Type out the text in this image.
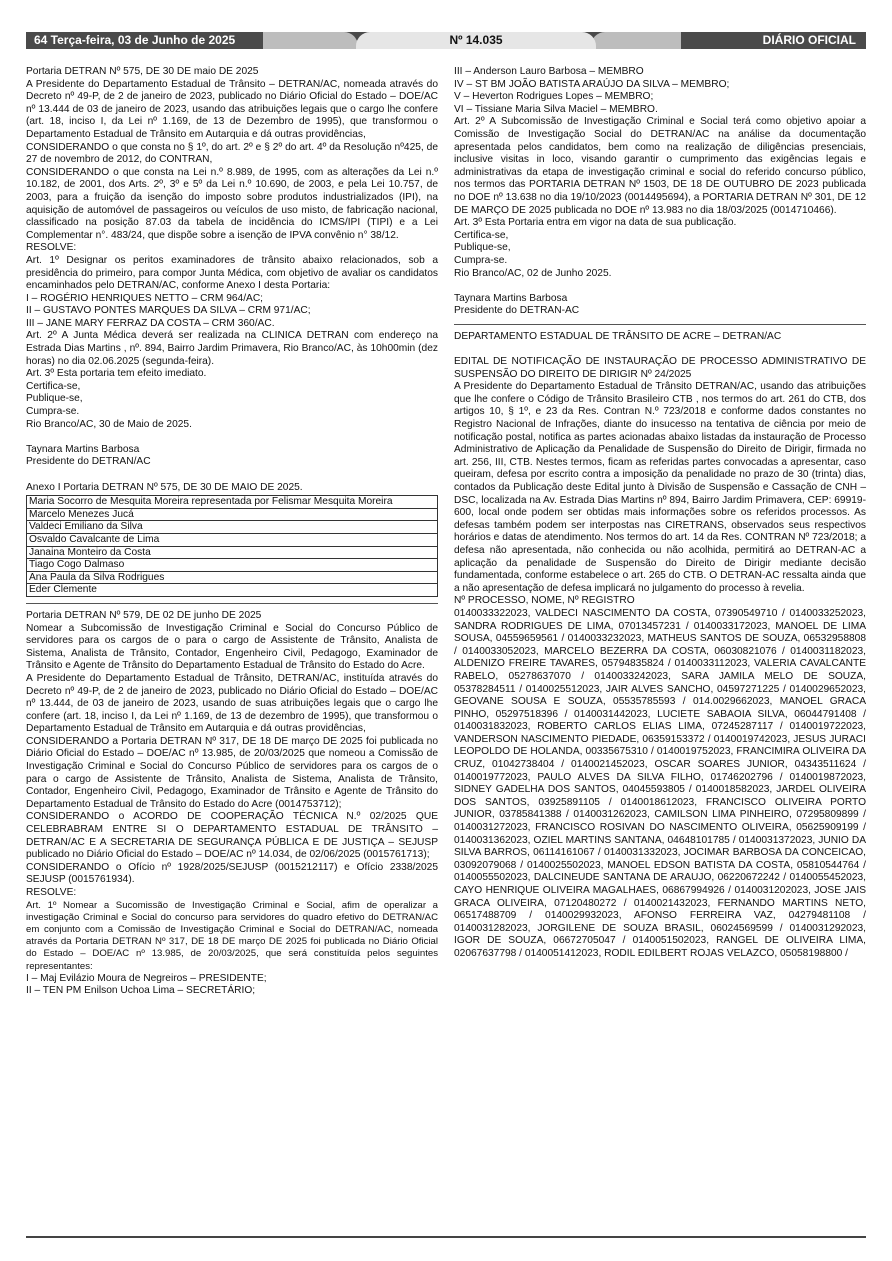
64 Terça-feira, 03 de Junho de 2025	Nº 14.035	DIÁRIO OFICIAL

Portaria DETRAN Nº 575, DE 30 DE maio DE 2025

A Presidente do Departamento Estadual de Trânsito – DETRAN/AC, nomeada através do Decreto nº 49-P, de 2 de janeiro de 2023, publicado no Diário Oficial do Estado – DOE/AC nº 13.444 de 03 de janeiro de 2023, usando das atribuições legais que o cargo lhe confere (art. 18, inciso I, da Lei nº 1.169, de 13 de Dezembro de 1995), que transformou o Departamento Estadual de Trânsito em Autarquia e dá outras providências,

CONSIDERANDO o que consta no § 1º, do art. 2º e § 2º do art. 4º da Resolução nº425, de 27 de novembro de 2012, do CONTRAN,

CONSIDERANDO o que consta na Lei n.º 8.989, de 1995, com as alterações da Lei n.º 10.182, de 2001, dos Arts. 2º, 3º e 5º da Lei n.º 10.690, de 2003, e pela Lei 10.757, de 2003, para a fruição da isenção do imposto sobre produtos industrializados (IPI), na aquisição de automóvel de passageiros ou veículos de uso misto, de fabricação nacional, classificado na posição 87.03 da tabela de incidência do ICMS/IPI (TIPI) e a Lei Complementar n°. 483/24, que dispõe sobre a isenção de IPVA convênio n° 38/12.

RESOLVE:

Art. 1º Designar os peritos examinadores de trânsito abaixo relacionados, sob a presidência do primeiro, para compor Junta Médica, com objetivo de avaliar os candidatos encaminhados pelo DETRAN/AC, conforme Anexo I desta Portaria:

I – ROGÉRIO HENRIQUES NETTO – CRM 964/AC;

II – GUSTAVO PONTES MARQUES DA SILVA – CRM 971/AC;

III – JANE MARY FERRAZ DA COSTA – CRM 360/AC.

Art. 2º A Junta Médica deverá ser realizada na CLINICA DETRAN com endereço na Estrada Dias Martins , nº. 894, Bairro Jardim Primavera, Rio Branco/AC, às 10h00min (dez horas) no dia 02.06.2025 (segunda-feira).

Art. 3º Esta portaria tem efeito imediato.

Certifica-se,

Publique-se,

Cumpra-se.

Rio Branco/AC, 30 de Maio de 2025.

Taynara Martins Barbosa

Presidente do DETRAN/AC

Anexo I Portaria DETRAN Nº 575, DE 30 DE MAIO DE 2025.

Maria Socorro de Mesquita Moreira representada por Felismar Mesquita Moreira
Marcelo Menezes Jucá
Valdeci Emiliano da Silva
Osvaldo Cavalcante de Lima
Janaina Monteiro da Costa
Tiago Cogo Dalmaso
Ana Paula da Silva Rodrigues
Eder Clemente

Portaria DETRAN Nº 579, DE 02 DE junho DE 2025

Nomear a Subcomissão de Investigação Criminal e Social do Concurso Público de servidores para os cargos de o para o cargo de Assistente de Trânsito, Analista de Sistema, Analista de Trânsito, Contador, Engenheiro Civil, Pedagogo, Examinador de Trânsito e Agente de Trânsito do Departamento Estadual de Trânsito do Estado do Acre.

A Presidente do Departamento Estadual de Trânsito, DETRAN/AC, instituída através do Decreto nº 49-P, de 2 de janeiro de 2023, publicado no Diário Oficial do Estado – DOE/AC nº 13.444, de 03 de janeiro de 2023, usando de suas atribuições legais que o cargo lhe confere (art. 18, inciso I, da Lei nº 1.169, de 13 de dezembro de 1995), que transformou o Departamento Estadual de Trânsito em Autarquia e dá outras providências,

CONSIDERANDO a Portaria DETRAN Nº 317, DE 18 DE março DE 2025 foi publicada no Diário Oficial do Estado – DOE/AC nº 13.985, de 20/03/2025 que nomeou a Comissão de Investigação Criminal e Social do Concurso Público de servidores para os cargos de o para o cargo de Assistente de Trânsito, Analista de Sistema, Analista de Trânsito, Contador, Engenheiro Civil, Pedagogo, Examinador de Trânsito e Agente de Trânsito do Departamento Estadual de Trânsito do Estado do Acre (0014753712);

CONSIDERANDO o ACORDO DE COOPERAÇÃO TÉCNICA N.º 02/2025 QUE CELEBRABRAM ENTRE SI O DEPARTAMENTO ESTADUAL DE TRÂNSITO – DETRAN/AC E A SECRETARIA DE SEGURANÇA PÚBLICA E DE JUSTIÇA – SEJUSP publicado no Diário Oficial do Estado – DOE/AC nº 14.034, de 02/06/2025 (0015761713);

CONSIDERANDO o Ofício nº 1928/2025/SEJUSP (0015212117) e Ofício 2338/2025 SEJUSP (0015761934).

RESOLVE:

Art. 1º Nomear a Sucomissão de Investigação Criminal e Social, afim de operalizar a investigação Criminal e Social do concurso para servidores do quadro efetivo do DETRAN/AC em conjunto com a Comissão de Investigação Criminal e Social do DETRAN/AC, nomeada através da Portaria DETRAN Nº 317, DE 18 DE março DE 2025 foi publicada no Diário Oficial do Estado – DOE/AC nº 13.985, de 20/03/2025, que será constituída pelos seguintes representantes:

I – Maj Evilázio Moura de Negreiros – PRESIDENTE;

II – TEN PM Enilson Uchoa Lima – SECRETÁRIO;

III – Anderson Lauro Barbosa – MEMBRO

IV – ST BM JOÃO BATISTA ARAÚJO DA SILVA – MEMBRO;

V – Heverton Rodrigues Lopes – MEMBRO;

VI – Tissiane Maria Silva Maciel – MEMBRO.

Art. 2º A Subcomissão de Investigação Criminal e Social terá como objetivo apoiar a Comissão de Investigação Social do DETRAN/AC na análise da documentação apresentada pelos candidatos, bem como na realização de diligências presenciais, inclusive visitas in loco, visando garantir o cumprimento das exigências legais e administrativas da etapa de investigação criminal e social do referido concurso público, nos termos das PORTARIA DETRAN Nº 1503, DE 18 DE OUTUBRO DE 2023 publicada no DOE nº 13.638 no dia 19/10/2023 (0014495694), a PORTARIA DETRAN Nº 301, DE 12 DE MARÇO DE 2025 publicada no DOE nº 13.983 no dia 18/03/2025 (0014710466).

Art. 3º Esta Portaria entra em vigor na data de sua publicação.

Certifica-se,

Publique-se,

Cumpra-se.

Rio Branco/AC, 02 de Junho 2025.

Taynara Martins Barbosa

Presidente do DETRAN-AC

DEPARTAMENTO ESTADUAL DE TRÂNSITO DE ACRE – DETRAN/AC

EDITAL DE NOTIFICAÇÃO DE INSTAURAÇÃO DE PROCESSO ADMINISTRATIVO DE SUSPENSÃO DO DIREITO DE DIRIGIR Nº 24/2025

A Presidente do Departamento Estadual de Trânsito DETRAN/AC, usando das atribuições que lhe confere o Código de Trânsito Brasileiro CTB , nos termos do art. 261 do CTB, dos artigos 10, § 1º, e 23 da Res. Contran N.º 723/2018 e conforme dados constantes no Registro Nacional de Infrações, diante do insucesso na tentativa de ciência por meio de notificação postal, notifica as partes acionadas abaixo listadas da instauração de Processo Administrativo de Aplicação da Penalidade de Suspensão do Direito de Dirigir, firmada no art. 256, III, CTB. Nestes termos, ficam as referidas partes convocadas a apresentar, caso queiram, defesa por escrito contra a imposição da penalidade no prazo de 30 (trinta) dias, contados da Publicação deste Edital junto à Divisão de Suspensão e Cassação de CNH – DSC, localizada na Av. Estrada Dias Martins nº 894, Bairro Jardim Primavera, CEP: 69919-600, local onde podem ser obtidas mais informações sobre os referidos processos. As defesas também podem ser interpostas nas CIRETRANS, observados seus respectivos horários e datas de atendimento. Nos termos do art. 14 da Res. CONTRAN Nº 723/2018; a defesa não apresentada, não conhecida ou não acolhida, permitirá ao DETRAN-AC a aplicação da penalidade de Suspensão do Direito de Dirigir mediante decisão fundamentada, conforme estabelece o art. 265 do CTB. O DETRAN-AC ressalta ainda que a não apresentação de defesa implicará no julgamento do processo à revelia.

Nº PROCESSO, NOME, Nº REGISTRO

0140033322023, VALDECI NASCIMENTO DA COSTA, 07390549710 / 0140033252023, SANDRA RODRIGUES DE LIMA, 07013457231 / 0140033172023, MANOEL DE LIMA SOUSA, 04559659561 / 0140033232023, MATHEUS SANTOS DE SOUZA, 06532958808 / 0140033052023, MARCELO BEZERRA DA COSTA, 06030821076 / 0140031182023, ALDENIZO FREIRE TAVARES, 05794835824 / 0140033112023, VALERIA CAVALCANTE RABELO, 05278637070 / 0140033242023, SARA JAMILA MELO DE SOUZA, 05378284511 / 0140025512023, JAIR ALVES SANCHO, 04597271225 / 0140029652023, GEOVANE SOUSA E SOUZA, 05535785593 / 014.0029662023, MANOEL GRACA PINHO, 05297518396 / 0140031442023, LUCIETE SABAOIA SILVA, 06044791408 / 0140031832023, ROBERTO CARLOS ELIAS LIMA, 07245287117 / 0140019722023, VANDERSON NASCIMENTO PIEDADE, 06359153372 / 0140019742023, JESUS JURACI LEOPOLDO DE HOLANDA, 00335675310 / 0140019752023, FRANCIMIRA OLIVEIRA DA CRUZ, 01042738404 / 0140021452023, OSCAR SOARES JUNIOR, 04343511624 / 0140019772023, PAULO ALVES DA SILVA FILHO, 01746202796 / 0140019872023, SIDNEY GADELHA DOS SANTOS, 04045593805 / 0140018582023, JARDEL OLIVEIRA DOS SANTOS, 03925891105 / 0140018612023, FRANCISCO OLIVEIRA PORTO JUNIOR, 03785841388 / 0140031262023, CAMILSON LIMA PINHEIRO, 07295809899 / 0140031272023, FRANCISCO ROSIVAN DO NASCIMENTO OLIVEIRA, 05625909199 / 0140031362023, OZIEL MARTINS SANTANA, 04648101785 / 0140031372023, JUNIO DA SILVA BARROS, 06114161067 / 0140031332023, JOCIMAR BARBOSA DA CONCEICAO, 03092079068 / 0140025502023, MANOEL EDSON BATISTA DA COSTA, 05810544764 / 0140055502023, DALCINEUDE SANTANA DE ARAUJO, 06220672242 / 0140055452023, CAYO HENRIQUE OLIVEIRA MAGALHAES, 06867994926 / 0140031202023, JOSE JAIS GRACA OLIVEIRA, 07120480272 / 0140021432023, FERNANDO MARTINS NETO, 06517488709 / 0140029932023, AFONSO FERREIRA VAZ, 04279481108 / 0140031282023, JORGILENE DE SOUZA BRASIL, 06024569599 / 0140031292023, IGOR DE SOUZA, 06672705047 / 0140051502023, RANGEL DE OLIVEIRA LIMA, 02067637798 / 0140051412023, RODIL EDILBERT ROJAS VELAZCO, 05058198800 /
